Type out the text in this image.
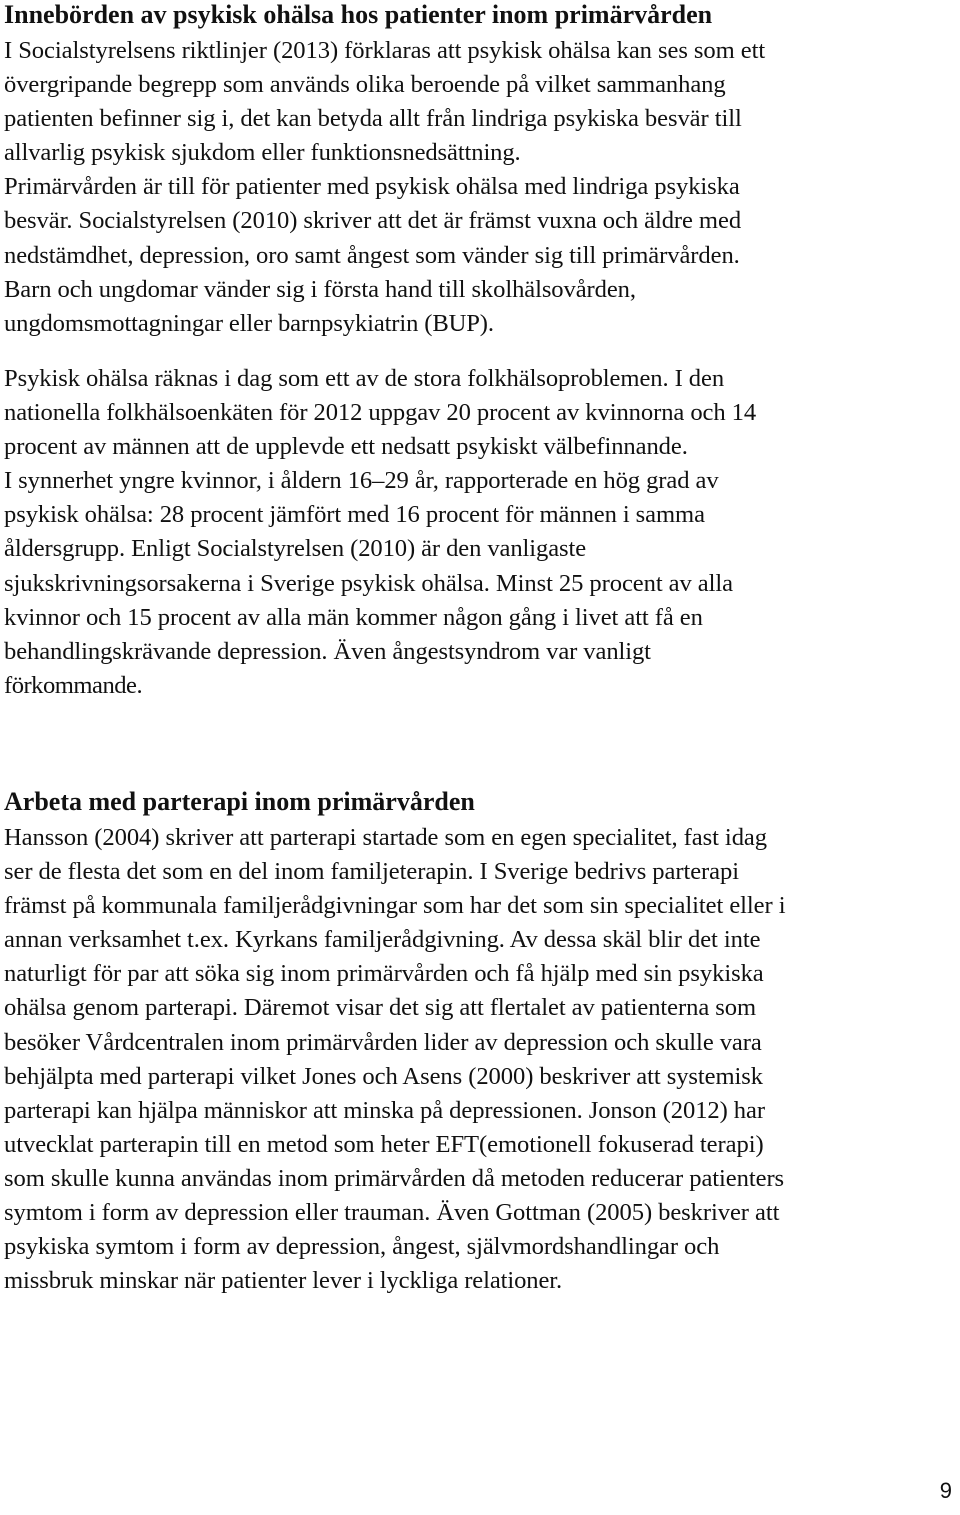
Innebörden av psykisk ohälsa hos patienter inom primärvården

I Socialstyrelsens riktlinjer (2013) förklaras att psykisk ohälsa kan ses som ett
övergripande begrepp som används olika beroende på vilket sammanhang
patienten befinner sig i, det kan betyda allt från lindriga psykiska besvär till
allvarlig psykisk sjukdom eller funktionsnedsättning.
Primärvården är till för patienter med psykisk ohälsa med lindriga psykiska
besvär. Socialstyrelsen (2010) skriver att det är främst vuxna och äldre med
nedstämdhet, depression, oro samt ångest som vänder sig till primärvården.
Barn och ungdomar vänder sig i första hand till skolhälsovården,
ungdomsmottagningar eller barnpsykiatrin (BUP).

Psykisk ohälsa räknas i dag som ett av de stora folkhälsoproblemen. I den
nationella folkhälsoenkäten för 2012 uppgav 20 procent av kvinnorna och 14
procent av männen att de upplevde ett nedsatt psykiskt välbefinnande.
I synnerhet yngre kvinnor, i åldern 16–29 år, rapporterade en hög grad av
psykisk ohälsa: 28 procent jämfört med 16 procent för männen i samma
åldersgrupp. Enligt Socialstyrelsen (2010) är den vanligaste
sjukskrivningsorsakerna i Sverige psykisk ohälsa. Minst 25 procent av alla
kvinnor och 15 procent av alla män kommer någon gång i livet att få en
behandlingskrävande depression. Även ångestsyndrom var vanligt
förkommande.

Arbeta med parterapi inom primärvården

Hansson (2004) skriver att parterapi startade som en egen specialitet, fast idag
ser de flesta det som en del inom familjeterapin. I Sverige bedrivs parterapi
främst på kommunala familjerådgivningar som har det som sin specialitet eller i
annan verksamhet t.ex. Kyrkans familjerådgivning. Av dessa skäl blir det inte
naturligt för par att söka sig inom primärvården och få hjälp med sin psykiska
ohälsa genom parterapi. Däremot visar det sig att flertalet av patienterna som
besöker Vårdcentralen inom primärvården lider av depression och skulle vara
behjälpta med parterapi vilket Jones och Asens (2000) beskriver att systemisk
parterapi kan hjälpa människor att minska på depressionen. Jonson (2012) har
utvecklat parterapin till en metod som heter EFT(emotionell fokuserad terapi)
som skulle kunna användas inom primärvården då metoden reducerar patienters
symtom i form av depression eller trauman. Även Gottman (2005) beskriver att
psykiska symtom i form av depression, ångest, självmordshandlingar och
missbruk minskar när patienter lever i lyckliga relationer.

9
